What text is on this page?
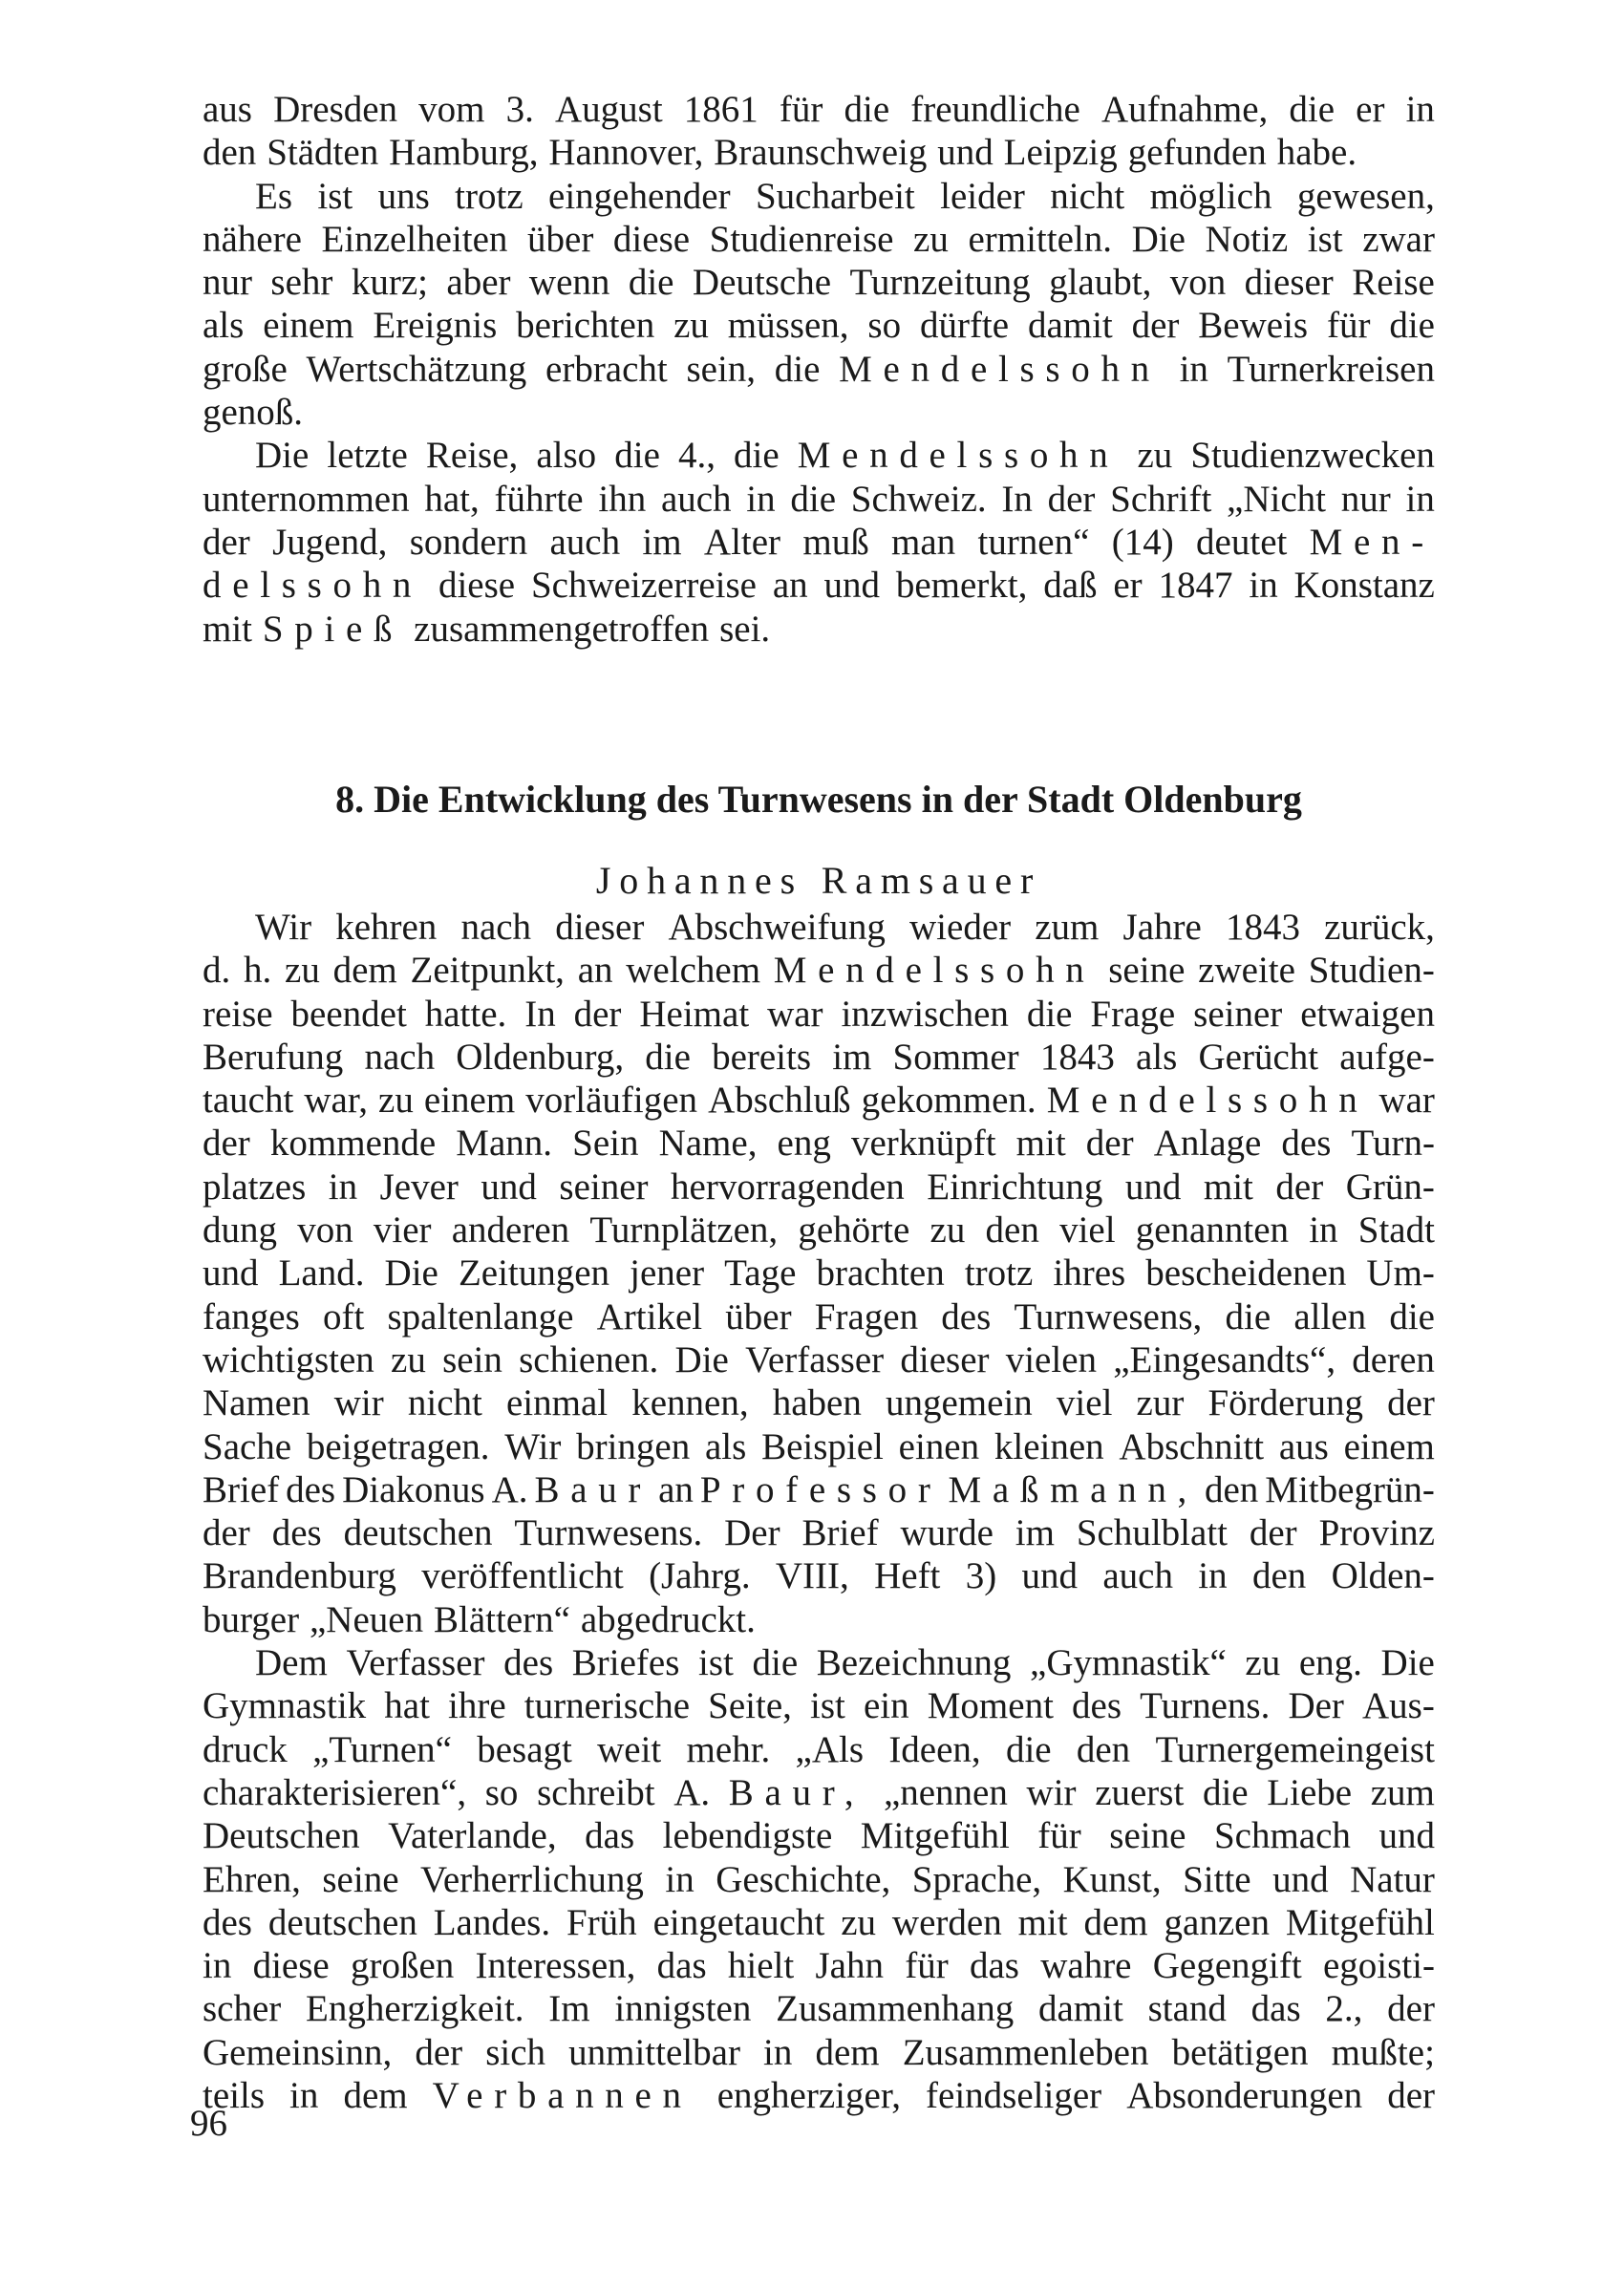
aus Dresden vom 3. August 1861 für die freundliche Aufnahme, die er in
den Städten Hamburg, Hannover, Braunschweig und Leipzig gefunden habe.
Es ist uns trotz eingehender Sucharbeit leider nicht möglich gewesen,
nähere Einzelheiten über diese Studienreise zu ermitteln. Die Notiz ist zwar
nur sehr kurz; aber wenn die Deutsche Turnzeitung glaubt, von dieser Reise
als einem Ereignis berichten zu müssen, so dürfte damit der Beweis für die
große Wertschätzung erbracht sein, die Mendelssohn in Turnerkreisen
genoß.
Die letzte Reise, also die 4., die Mendelssohn zu Studienzwecken
unternommen hat, führte ihn auch in die Schweiz. In der Schrift „Nicht nur in
der Jugend, sondern auch im Alter muß man turnen“ (14) deutet Men-
delssohn diese Schweizerreise an und bemerkt, daß er 1847 in Konstanz
mit Spieß zusammengetroffen sei.
8. Die Entwicklung des Turnwesens in der Stadt Oldenburg
Johannes Ramsauer
Wir kehren nach dieser Abschweifung wieder zum Jahre 1843 zurück,
d. h. zu dem Zeitpunkt, an welchem Mendelssohn seine zweite Studien-
reise beendet hatte. In der Heimat war inzwischen die Frage seiner etwaigen
Berufung nach Oldenburg, die bereits im Sommer 1843 als Gerücht aufge-
taucht war, zu einem vorläufigen Abschluß gekommen. Mendelssohn war
der kommende Mann. Sein Name, eng verknüpft mit der Anlage des Turn-
platzes in Jever und seiner hervorragenden Einrichtung und mit der Grün-
dung von vier anderen Turnplätzen, gehörte zu den viel genannten in Stadt
und Land. Die Zeitungen jener Tage brachten trotz ihres bescheidenen Um-
fanges oft spaltenlange Artikel über Fragen des Turnwesens, die allen die
wichtigsten zu sein schienen. Die Verfasser dieser vielen „Eingesandts“, deren
Namen wir nicht einmal kennen, haben ungemein viel zur Förderung der
Sache beigetragen. Wir bringen als Beispiel einen kleinen Abschnitt aus einem
Brief des Diakonus A. Baur an Professor Maßmann, den Mitbegrün-
der des deutschen Turnwesens. Der Brief wurde im Schulblatt der Provinz
Brandenburg veröffentlicht (Jahrg. VIII, Heft 3) und auch in den Olden-
burger „Neuen Blättern“ abgedruckt.
Dem Verfasser des Briefes ist die Bezeichnung „Gymnastik“ zu eng. Die
Gymnastik hat ihre turnerische Seite, ist ein Moment des Turnens. Der Aus-
druck „Turnen“ besagt weit mehr. „Als Ideen, die den Turnergemeingeist
charakterisieren“, so schreibt A. Baur, „nennen wir zuerst die Liebe zum
Deutschen Vaterlande, das lebendigste Mitgefühl für seine Schmach und
Ehren, seine Verherrlichung in Geschichte, Sprache, Kunst, Sitte und Natur
des deutschen Landes. Früh eingetaucht zu werden mit dem ganzen Mitgefühl
in diese großen Interessen, das hielt Jahn für das wahre Gegengift egoisti-
scher Engherzigkeit. Im innigsten Zusammenhang damit stand das 2., der
Gemeinsinn, der sich unmittelbar in dem Zusammenleben betätigen mußte;
teils in dem Verbannen engherziger, feindseliger Absonderungen der
96
